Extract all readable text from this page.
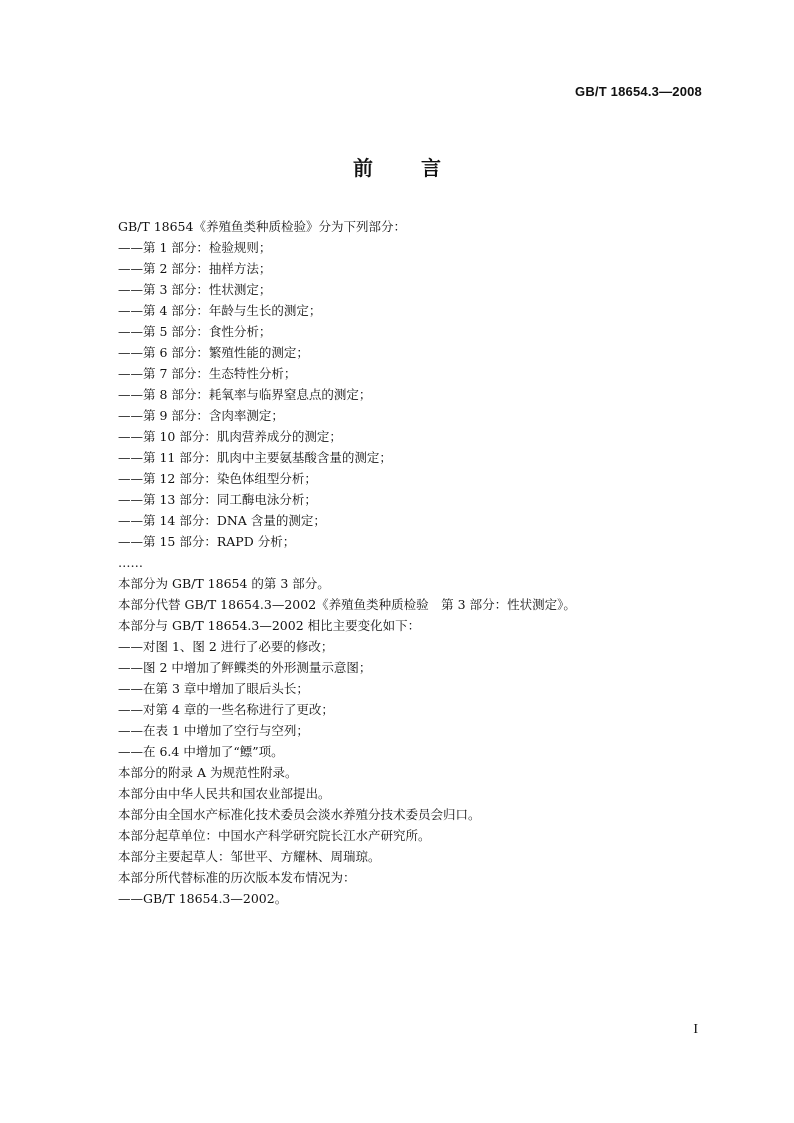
GB/T 18654.3—2008
前言
GB/T 18654《养殖鱼类种质检验》分为下列部分：
——第 1 部分：检验规则；
——第 2 部分：抽样方法；
——第 3 部分：性状测定；
——第 4 部分：年龄与生长的测定；
——第 5 部分：食性分析；
——第 6 部分：繁殖性能的测定；
——第 7 部分：生态特性分析；
——第 8 部分：耗氧率与临界窒息点的测定；
——第 9 部分：含肉率测定；
——第 10 部分：肌肉营养成分的测定；
——第 11 部分：肌肉中主要氨基酸含量的测定；
——第 12 部分：染色体组型分析；
——第 13 部分：同工酶电泳分析；
——第 14 部分：DNA 含量的测定；
——第 15 部分：RAPD 分析；
……
本部分为 GB/T 18654 的第 3 部分。
本部分代替 GB/T 18654.3—2002《养殖鱼类种质检验　第 3 部分：性状测定》。
本部分与 GB/T 18654.3—2002 相比主要变化如下：
——对图 1、图 2 进行了必要的修改；
——图 2 中增加了鲆鲽类的外形测量示意图；
——在第 3 章中增加了眼后头长；
——对第 4 章的一些名称进行了更改；
——在表 1 中增加了空行与空列；
——在 6.4 中增加了“鳔”项。
本部分的附录 A 为规范性附录。
本部分由中华人民共和国农业部提出。
本部分由全国水产标准化技术委员会淡水养殖分技术委员会归口。
本部分起草单位：中国水产科学研究院长江水产研究所。
本部分主要起草人：邹世平、方耀林、周瑞琼。
本部分所代替标准的历次版本发布情况为：
——GB/T 18654.3—2002。
I
